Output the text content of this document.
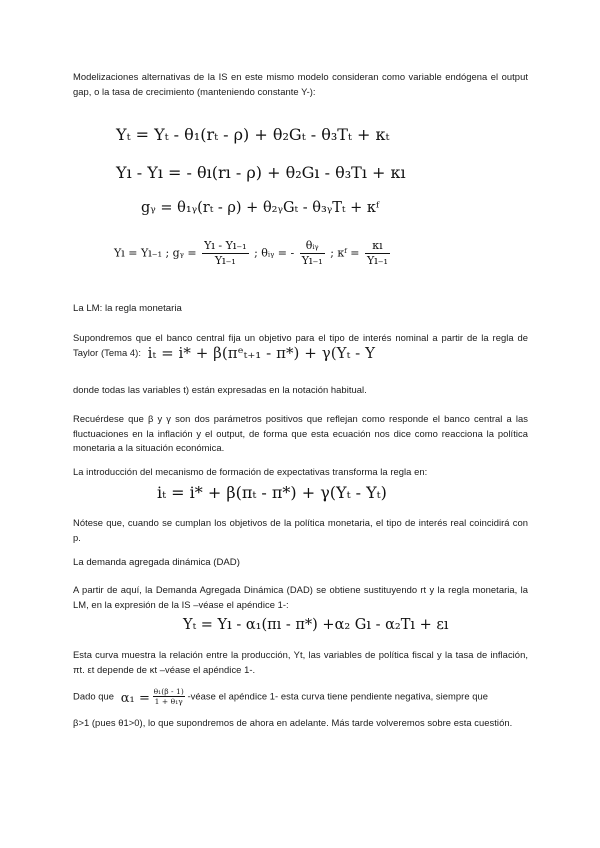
Modelizaciones alternativas de la IS en este mismo modelo consideran como variable endógena el output gap, o la tasa de crecimiento (manteniendo constante Y-):
Yₜ = Yₜ - θ₁(rₜ - ρ) + θ₂Gₜ - θ₃Tₜ + κₜ
Yı - Yı = - θı(rı - ρ) + θ₂Gı - θ₃Tı + κı
gᵧ = θ₁ᵧ(rₜ - ρ) + θ₂ᵧGₜ - θ₃ᵧTₜ + κᶠ
Yı = Yı₋₁ ; gᵧ = $\frac{\text{Yı - Yı₋₁}}{\text{Yı₋₁}}$ ; θᵢᵧ = - $\frac{\text{θᵢᵧ}}{\text{Yı₋₁}}$ ; κᶠ = $\frac{\kappa ı}{\text{Yı₋₁}}$
La LM: la regla monetaria
Supondremos que el banco central fija un objetivo para el tipo de interés nominal a partir de la regla de Taylor (Tema 4): iₜ = i* + β(πᵉₜ₊₁ - π*) + γ(Yₜ - Y
donde todas las variables t) están expresadas en la notación habitual.
Recuérdese que β y γ son dos parámetros positivos que reflejan como responde el banco central a las fluctuaciones en la inflación y el output, de forma que esta ecuación nos dice como reacciona la política monetaria a la situación económica.
La introducción del mecanismo de formación de expectativas transforma la regla en:
iₜ = i* + β(πₜ - π*) + γ(Yₜ - Yₜ)
Nótese que, cuando se cumplan los objetivos de la política monetaria, el tipo de interés real coincidirá con p.
La demanda agregada dinámica (DAD)
A partir de aquí, la Demanda Agregada Dinámica (DAD) se obtiene sustituyendo rt y la regla monetaria, la LM, en la expresión de la IS –véase el apéndice 1-:
Yₜ = Yı - α₁(πı - π*) +α₂ Gı - α₂Tı + εı
Esta curva muestra la relación entre la producción, Yt, las variables de política fiscal y la tasa de inflación, πt. εt depende de κt –véase el apéndice 1-.
Dado que $\alpha_1 = \frac{\text{θ₁(β - 1)}}{\text{1 + θ₁γ}}$ -véase el apéndice 1- esta curva tiene pendiente negativa, siempre que
β>1 (pues θ1>0), lo que supondremos de ahora en adelante. Más tarde volveremos sobre esta cuestión.
